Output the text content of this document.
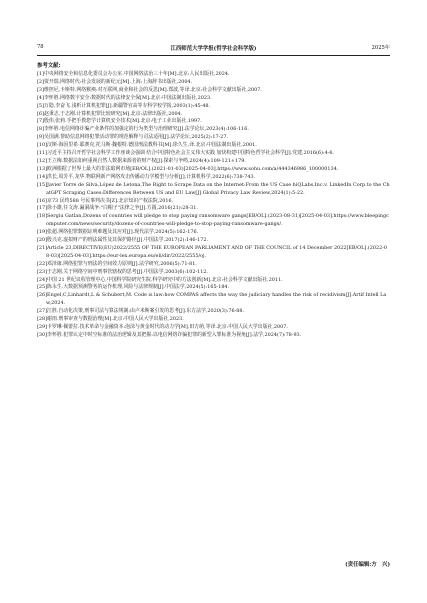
78	江西师范大学学报(哲学社会科学版)	2025年
参考文献:

[1]中央网络安全和信息化委员会办公室.中国网络法治三十年[M].北京:人民出版社,2024.

[2]贾开瑞.网络时代:社会发展的新纪元[M].上海:上海辞书出版社,2004.

[3]维担尼,卡斯特.网络猴痪:对互联网,商业和社会的反思[M].郑波,等译.北京:社会科学文献出版社,2007.

[4]李怀胜.网络数字安全:数据时代的法律安全保[M].北京:中国法制出版社,2023.

[5]万隐,李奋飞.浅析计算机犯罪[J].新疆警官高等专科学校学报,2003(1):45-48.

[6]赵秉志,于志刚.计算机犯罪比较研究[M].北京:法律出版社,2004.

[7]殷伟,张莉.手把手教您学计算机安全技术[M].北京:电子工业出版社,1997.

[8]李怀胜.电信网络诈骗产业条件的加强定的行为类型与治理研究[J].法学论坛,2023(4):106-116.

[9]吴国满.帮助信息网络犯罪活动罪的规范解释与司法适用[J].法学论坛,2025(2):17-27.

[10]汉斯-海因里希·耶赛克,托马斯·魏根特.德国刑法教科书[M].徐久生,译.北京:中国法制出版社,2001.

[11]习近平主持召开哲学社会科学工作座谈会强调 结合中国特色社会主义伟大实践 加快构建中国特色哲学社会科学[J].党建,2016(6):4-6.

[12]王立梅.数据法如何重视自然人数据来源者的财产权[J].探索与争鸣,2024(4):109-121+179.

[13]欧洲根据了世界上最大的非法暗网市场[EB/OL].(2021-01-03)[2025-04-03].https://www.sohu.com/a/444346986_100000134.

[14]洪长,周芳平,龙华.物联网新产网络攻击传播动力学模型与分析[J].计算机科学,2022(6):738-743.

[15]Javier Torre de Silva,López de Letona,The Right to Scrape Data on the Internet:From the US Case hiQLabs,Inc.v. LinkedIn Corp.to the ChatGPT Scraping Cases:Differences Between US and EU Law[J].Global Privacy Law Review,2024(1):5-22.

[16]京73 民终588 号民事判决书[Z].北京知识产权法院,2016.

[17]徐小雄,任文涛.漏洞战争:"白帽子"法律之争[J].方圆,2016(21):28-31.

[18]Sergiu Gatlan,Dozens of countries will pledge to stop paying ransomware gangs[EB/OL].(2023-08-31)[2025-04-03].https://www.bleepingcomputer.com/news/security/dozens-of-countries-will-pledge-to-stop-paying-ransomware-gangs/.

[19]张超.网络犯罪数据证明难题及其应对[J].现代法学,2024(5):162-176.

[20]殷兴克.虚拟财产的刑法属性及其保护路径[J].中国法学,2017(2):146-172.

[21]Article 23,DIRECTIVE(EU)2022/2555 OF THE EUROPEAN PARLIAMENT AND OF THE COUNCIL of 14 December 2022[EB/OL].(2022-08-03)[2025-04-03].https://eur-lex.europa.eu/eli/dir/2022/2555/oj.

[22]邓泽康.网络犯罪与刑法的空间效力原则[J].法学研究,2006(5):71-81.

[23]于志刚.关于网络空间中刑事管辖权的思考[J].中国法学,2003(6):102-112.

[24]中国 21 世纪议程管理中心,中国科学院研究生院.科学研究中的方法创新[M].北京:社会科学文献出版社,2011.

[25]陈永生.大数据预测警务的运作机理,风险与法律规制[J].中国法学,2024(5):165-184.

[26]Engel,C,Linhardt,L & Schubert,M. Code is law:how COMPAS affects the way the judiciary handles the risk of recidivism[J].Artif Intell Law,2024.

[27]江胜.自动化决策,刑事司法与算法规制:由卢米斯案引发的思考[J].东方法学,2020(3):76-88.

[28]谢雨.刑事审查与数据治理[M].北京:中国人民大学出版社,2023.

[29]卡罗琳·佩蕾拉.技术革命与金融资本:泡沫与黄金时代的动力学[M].田方萌,等译.北京:中国人民大学出版社,2007.

[30]李怀胜.犯罪认定中时空标准的法治逻辑及其把握:以电信网络诈骗犯罪的新型入罪标准为视角[J].法学,2024(7):78-93.

(责任编辑:方　兴)
